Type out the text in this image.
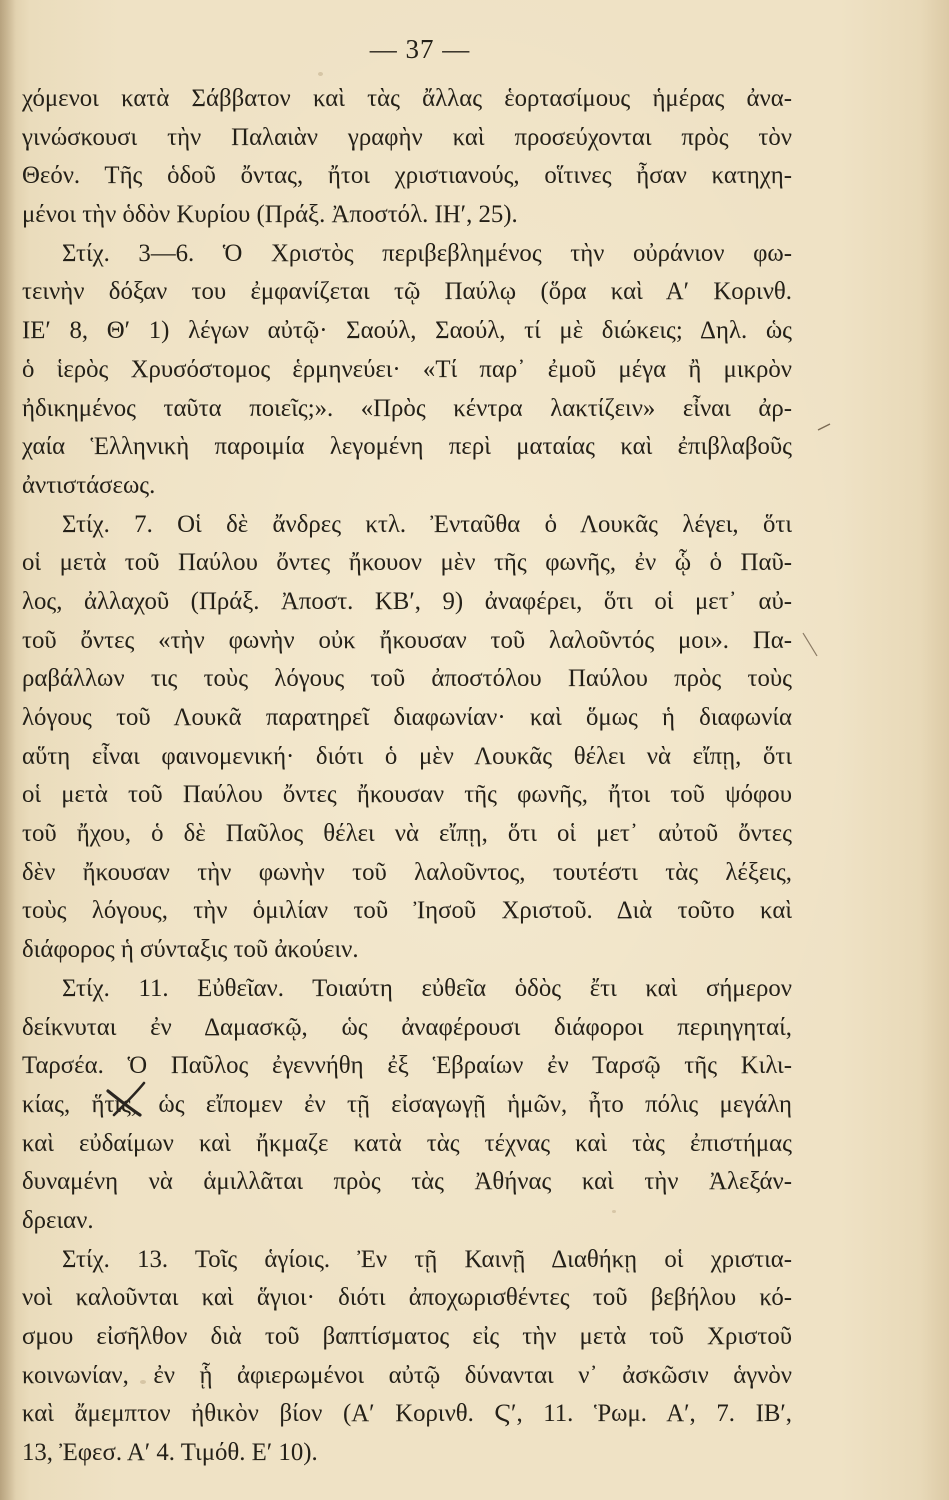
— 37 —
χόμενοι κατὰ Σάββατον καὶ τὰς ἄλλας ἑορτασίμους ἡμέρας ἀνα-
γινώσκουσι τὴν Παλαιὰν γραφὴν καὶ προσεύχονται πρὸς τὸν
Θεόν. Τῆς ὁδοῦ ὄντας, ἤτοι χριστιανούς, οἵτινες ἦσαν κατηχη-
μένοι τὴν ὁδὸν Κυρίου (Πράξ. Ἀποστόλ. ΙΗʹ, 25).
Στίχ. 3—6. Ὁ Χριστὸς περιβεβλημένος τὴν οὐράνιον φω-
τεινὴν δόξαν του ἐμφανίζεται τῷ Παύλῳ (ὅρα καὶ Αʹ Κορινθ.
ΙΕʹ 8, Θʹ 1) λέγων αὐτῷ· Σαούλ, Σαούλ, τί μὲ διώκεις; Δηλ. ὡς
ὁ ἱερὸς Χρυσόστομος ἑρμηνεύει· «Τί παρ᾿ ἐμοῦ μέγα ἢ μικρὸν
ἠδικημένος ταῦτα ποιεῖς;». «Πρὸς κέντρα λακτίζειν» εἶναι ἀρ-
χαία Ἑλληνικὴ παροιμία λεγομένη περὶ ματαίας καὶ ἐπιβλαβοῦς
ἀντιστάσεως.
Στίχ. 7. Οἱ δὲ ἄνδρες κτλ. Ἐνταῦθα ὁ Λουκᾶς λέγει, ὅτι
οἱ μετὰ τοῦ Παύλου ὄντες ἤκουον μὲν τῆς φωνῆς, ἐν ᾧ ὁ Παῦ-
λος, ἀλλαχοῦ (Πράξ. Ἀποστ. ΚΒʹ, 9) ἀναφέρει, ὅτι οἱ μετ᾿ αὐ-
τοῦ ὄντες «τὴν φωνὴν οὐκ ἤκουσαν τοῦ λαλοῦντός μοι». Πα-
ραβάλλων τις τοὺς λόγους τοῦ ἀποστόλου Παύλου πρὸς τοὺς
λόγους τοῦ Λουκᾶ παρατηρεῖ διαφωνίαν· καὶ ὅμως ἡ διαφωνία
αὕτη εἶναι φαινομενική· διότι ὁ μὲν Λουκᾶς θέλει νὰ εἴπῃ, ὅτι
οἱ μετὰ τοῦ Παύλου ὄντες ἤκουσαν τῆς φωνῆς, ἤτοι τοῦ ψόφου
τοῦ ἤχου, ὁ δὲ Παῦλος θέλει νὰ εἴπῃ, ὅτι οἱ μετ᾿ αὐτοῦ ὄντες
δὲν ἤκουσαν τὴν φωνὴν τοῦ λαλοῦντος, τουτέστι τὰς λέξεις,
τοὺς λόγους, τὴν ὁμιλίαν τοῦ Ἰησοῦ Χριστοῦ. Διὰ τοῦτο καὶ
διάφορος ἡ σύνταξις τοῦ ἀκούειν.
Στίχ. 11. Εὐθεῖαν. Τοιαύτη εὐθεῖα ὁδὸς ἔτι καὶ σήμερον
δείκνυται ἐν Δαμασκῷ, ὡς ἀναφέρουσι διάφοροι περιηγηταί,
Ταρσέα. Ὁ Παῦλος ἐγεννήθη ἐξ Ἑβραίων ἐν Ταρσῷ τῆς Κιλι-
κίας, ἥτις, ὡς εἴπομεν ἐν τῇ εἰσαγωγῇ ἡμῶν, ἦτο πόλις μεγάλη
καὶ εὐδαίμων καὶ ἤκμαζε κατὰ τὰς τέχνας καὶ τὰς ἐπιστήμας
δυναμένη νὰ ἁμιλλᾶται πρὸς τὰς Ἀθήνας καὶ τὴν Ἀλεξάν-
δρειαν.
Στίχ. 13. Τοῖς ἁγίοις. Ἐν τῇ Καινῇ Διαθήκῃ οἱ χριστια-
νοὶ καλοῦνται καὶ ἅγιοι· διότι ἀποχωρισθέντες τοῦ βεβήλου κό-
σμου εἰσῆλθον διὰ τοῦ βαπτίσματος εἰς τὴν μετὰ τοῦ Χριστοῦ
κοινωνίαν, ἐν ᾗ ἀφιερωμένοι αὐτῷ δύνανται ν᾿ ἀσκῶσιν ἁγνὸν
καὶ ἄμεμπτον ἠθικὸν βίον (Αʹ Κορινθ. Ϛʹ, 11. Ῥωμ. Αʹ, 7. ΙΒʹ,
13, Ἐφεσ. Αʹ 4. Τιμόθ. Εʹ 10).
